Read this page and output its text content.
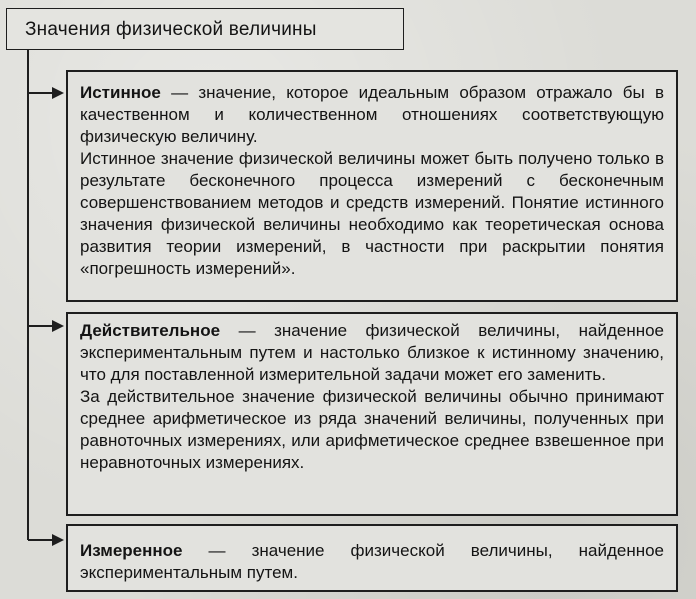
Значения физической величины

Истинное — значение, которое идеальным образом отражало бы в качественном и количественном отношениях соответствующую физическую величину.

Истинное значение физической величины может быть получено только в результате бесконечного процесса измерений с бесконечным совершенствованием методов и средств измерений. Понятие истинного значения физической величины необходимо как теоретическая основа развития теории измерений, в частности при раскрытии понятия «погрешность измерений».

Действительное — значение физической величины, найденное экспериментальным путем и настолько близкое к истинному значению, что для поставленной измерительной задачи может его заменить.

За действительное значение физической величины обычно принимают среднее арифметическое из ряда значений величины, полученных при равноточных измерениях, или арифметическое среднее взвешенное при неравноточных измерениях.

Измеренное — значение физической величины, найденное экспериментальным путем.
